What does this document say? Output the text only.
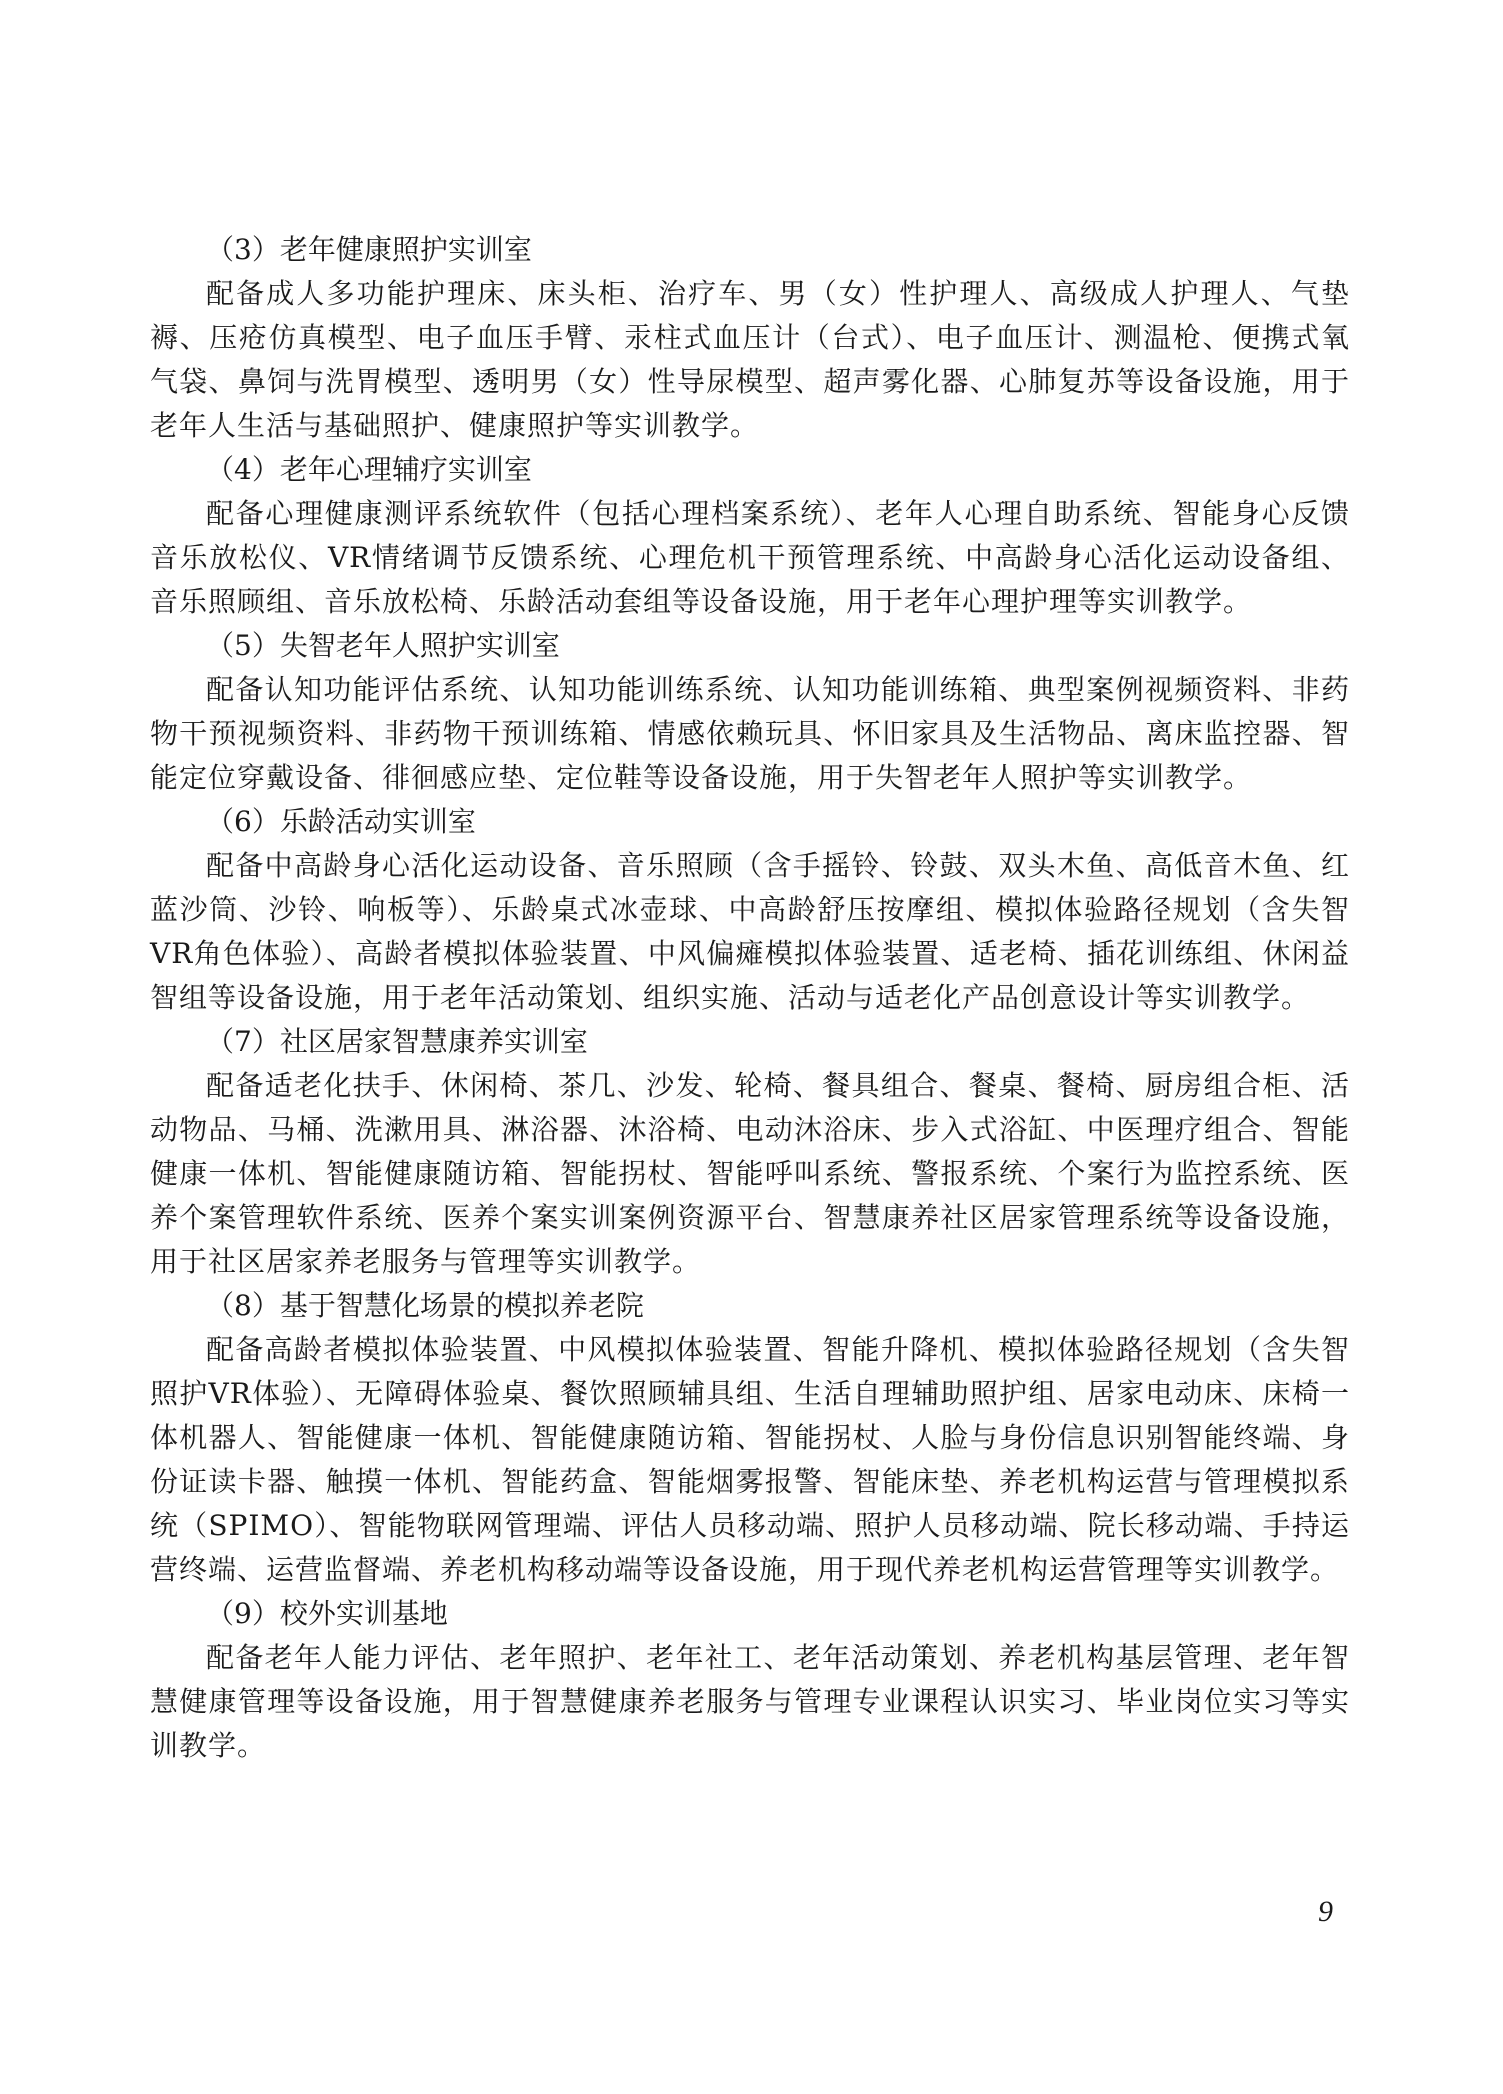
（3）老年健康照护实训室

配备成人多功能护理床、床头柜、治疗车、男（女）性护理人、高级成人护理人、气垫褥、压疮仿真模型、电子血压手臂、汞柱式血压计（台式）、电子血压计、测温枪、便携式氧气袋、鼻饲与洗胃模型、透明男（女）性导尿模型、超声雾化器、心肺复苏等设备设施，用于老年人生活与基础照护、健康照护等实训教学。

（4）老年心理辅疗实训室

配备心理健康测评系统软件（包括心理档案系统）、老年人心理自助系统、智能身心反馈音乐放松仪、VR情绪调节反馈系统、心理危机干预管理系统、中高龄身心活化运动设备组、音乐照顾组、音乐放松椅、乐龄活动套组等设备设施，用于老年心理护理等实训教学。

（5）失智老年人照护实训室

配备认知功能评估系统、认知功能训练系统、认知功能训练箱、典型案例视频资料、非药物干预视频资料、非药物干预训练箱、情感依赖玩具、怀旧家具及生活物品、离床监控器、智能定位穿戴设备、徘徊感应垫、定位鞋等设备设施，用于失智老年人照护等实训教学。

（6）乐龄活动实训室

配备中高龄身心活化运动设备、音乐照顾（含手摇铃、铃鼓、双头木鱼、高低音木鱼、红蓝沙筒、沙铃、响板等）、乐龄桌式冰壶球、中高龄舒压按摩组、模拟体验路径规划（含失智VR角色体验）、高龄者模拟体验装置、中风偏瘫模拟体验装置、适老椅、插花训练组、休闲益智组等设备设施，用于老年活动策划、组织实施、活动与适老化产品创意设计等实训教学。

（7）社区居家智慧康养实训室

配备适老化扶手、休闲椅、茶几、沙发、轮椅、餐具组合、餐桌、餐椅、厨房组合柜、活动物品、马桶、洗漱用具、淋浴器、沐浴椅、电动沐浴床、步入式浴缸、中医理疗组合、智能健康一体机、智能健康随访箱、智能拐杖、智能呼叫系统、警报系统、个案行为监控系统、医养个案管理软件系统、医养个案实训案例资源平台、智慧康养社区居家管理系统等设备设施，用于社区居家养老服务与管理等实训教学。

（8）基于智慧化场景的模拟养老院

配备高龄者模拟体验装置、中风模拟体验装置、智能升降机、模拟体验路径规划（含失智照护VR体验）、无障碍体验桌、餐饮照顾辅具组、生活自理辅助照护组、居家电动床、床椅一体机器人、智能健康一体机、智能健康随访箱、智能拐杖、人脸与身份信息识别智能终端、身份证读卡器、触摸一体机、智能药盒、智能烟雾报警、智能床垫、养老机构运营与管理模拟系统（SPIMO）、智能物联网管理端、评估人员移动端、照护人员移动端、院长移动端、手持运营终端、运营监督端、养老机构移动端等设备设施，用于现代养老机构运营管理等实训教学。

（9）校外实训基地

配备老年人能力评估、老年照护、老年社工、老年活动策划、养老机构基层管理、老年智慧健康管理等设备设施，用于智慧健康养老服务与管理专业课程认识实习、毕业岗位实习等实训教学。

9
